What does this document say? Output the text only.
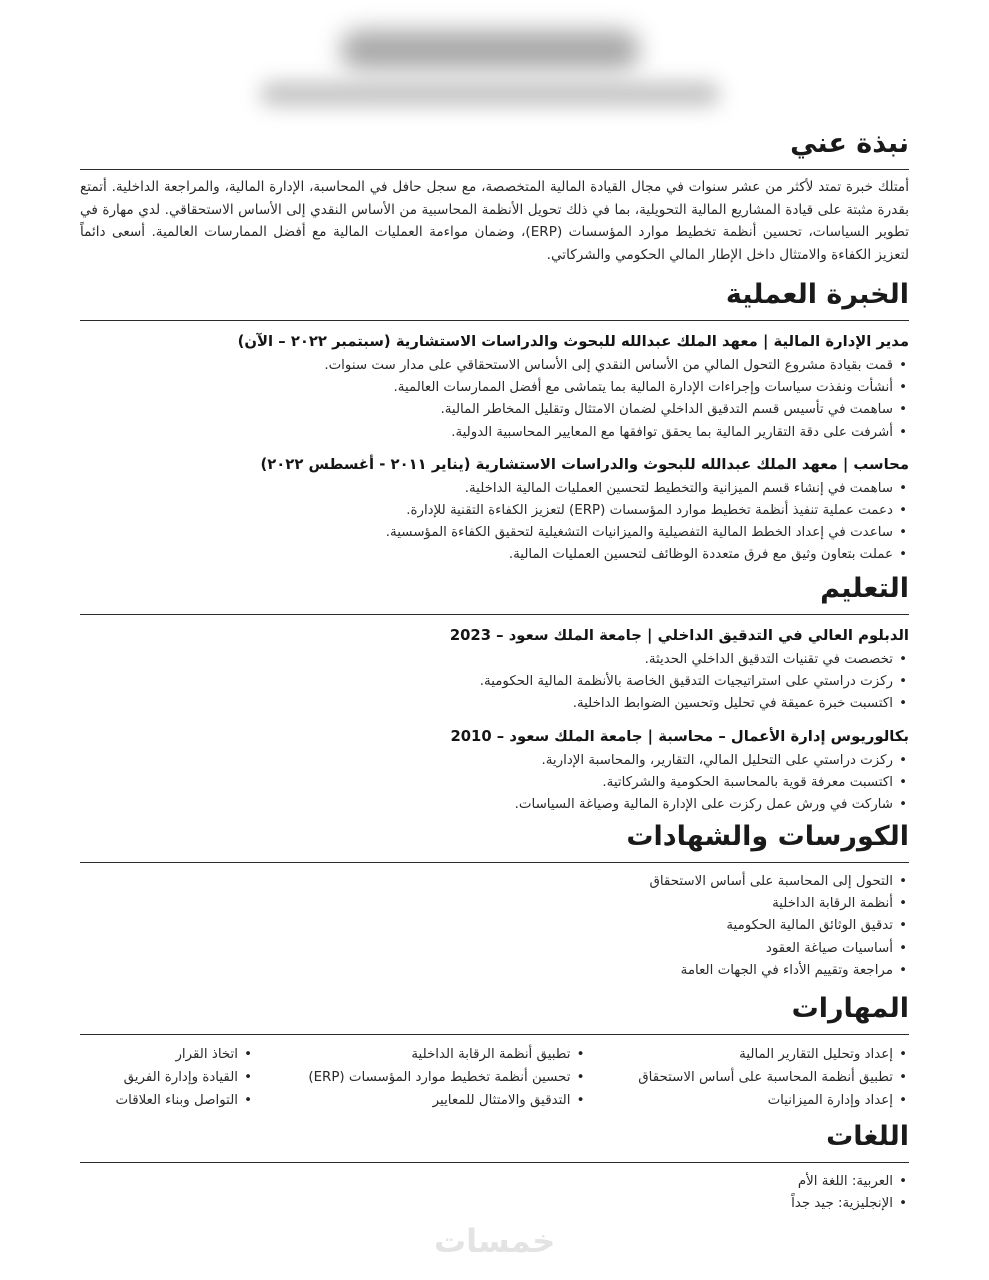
نبذة عني

أمتلك خبرة تمتد لأكثر من عشر سنوات في مجال القيادة المالية المتخصصة، مع سجل حافل في المحاسبة، الإدارة المالية، والمراجعة الداخلية. أتمتع بقدرة مثبتة على قيادة المشاريع المالية التحويلية، بما في ذلك تحويل الأنظمة المحاسبية من الأساس النقدي إلى الأساس الاستحقاقي. لدي مهارة في تطوير السياسات، تحسين أنظمة تخطيط موارد المؤسسات (ERP)، وضمان مواءمة العمليات المالية مع أفضل الممارسات العالمية. أسعى دائماً لتعزيز الكفاءة والامتثال داخل الإطار المالي الحكومي والشركاتي.

الخبرة العملية
مدير الإدارة المالية | معهد الملك عبدالله للبحوث والدراسات الاستشارية (سبتمبر ٢٠٢٢ – الآن)
• قمت بقيادة مشروع التحول المالي من الأساس النقدي إلى الأساس الاستحقاقي على مدار ست سنوات.
• أنشأت ونفذت سياسات وإجراءات الإدارة المالية بما يتماشى مع أفضل الممارسات العالمية.
• ساهمت في تأسيس قسم التدقيق الداخلي لضمان الامتثال وتقليل المخاطر المالية.
• أشرفت على دقة التقارير المالية بما يحقق توافقها مع المعايير المحاسبية الدولية.
محاسب | معهد الملك عبدالله للبحوث والدراسات الاستشارية (يناير ٢٠١١ - أغسطس ٢٠٢٢)
• ساهمت في إنشاء قسم الميزانية والتخطيط لتحسين العمليات المالية الداخلية.
• دعمت عملية تنفيذ أنظمة تخطيط موارد المؤسسات (ERP) لتعزيز الكفاءة التقنية للإدارة.
• ساعدت في إعداد الخطط المالية التفصيلية والميزانيات التشغيلية لتحقيق الكفاءة المؤسسية.
• عملت بتعاون وثيق مع فرق متعددة الوظائف لتحسين العمليات المالية.
التعليم
الدبلوم العالي في التدقيق الداخلي | جامعة الملك سعود – 2023
• تخصصت في تقنيات التدقيق الداخلي الحديثة.
• ركزت دراستي على استراتيجيات التدقيق الخاصة بالأنظمة المالية الحكومية.
• اكتسبت خبرة عميقة في تحليل وتحسين الضوابط الداخلية.
بكالوريوس إدارة الأعمال – محاسبة | جامعة الملك سعود – 2010
• ركزت دراستي على التحليل المالي، التقارير، والمحاسبة الإدارية.
• اكتسبت معرفة قوية بالمحاسبة الحكومية والشركاتية.
• شاركت في ورش عمل ركزت على الإدارة المالية وصياغة السياسات.
الكورسات والشهادات
• التحول إلى المحاسبة على أساس الاستحقاق
• أنظمة الرقابة الداخلية
• تدقيق الوثائق المالية الحكومية
• أساسيات صياغة العقود
• مراجعة وتقييم الأداء في الجهات العامة
المهارات
• إعداد وتحليل التقارير المالية
• تطبيق أنظمة المحاسبة على أساس الاستحقاق
• إعداد وإدارة الميزانيات
• تطبيق أنظمة الرقابة الداخلية
• تحسين أنظمة تخطيط موارد المؤسسات (ERP)
• التدقيق والامتثال للمعايير
• اتخاذ القرار
• القيادة وإدارة الفريق
• التواصل وبناء العلاقات
اللغات
• العربية: اللغة الأم
• الإنجليزية: جيد جداً
خمسات
